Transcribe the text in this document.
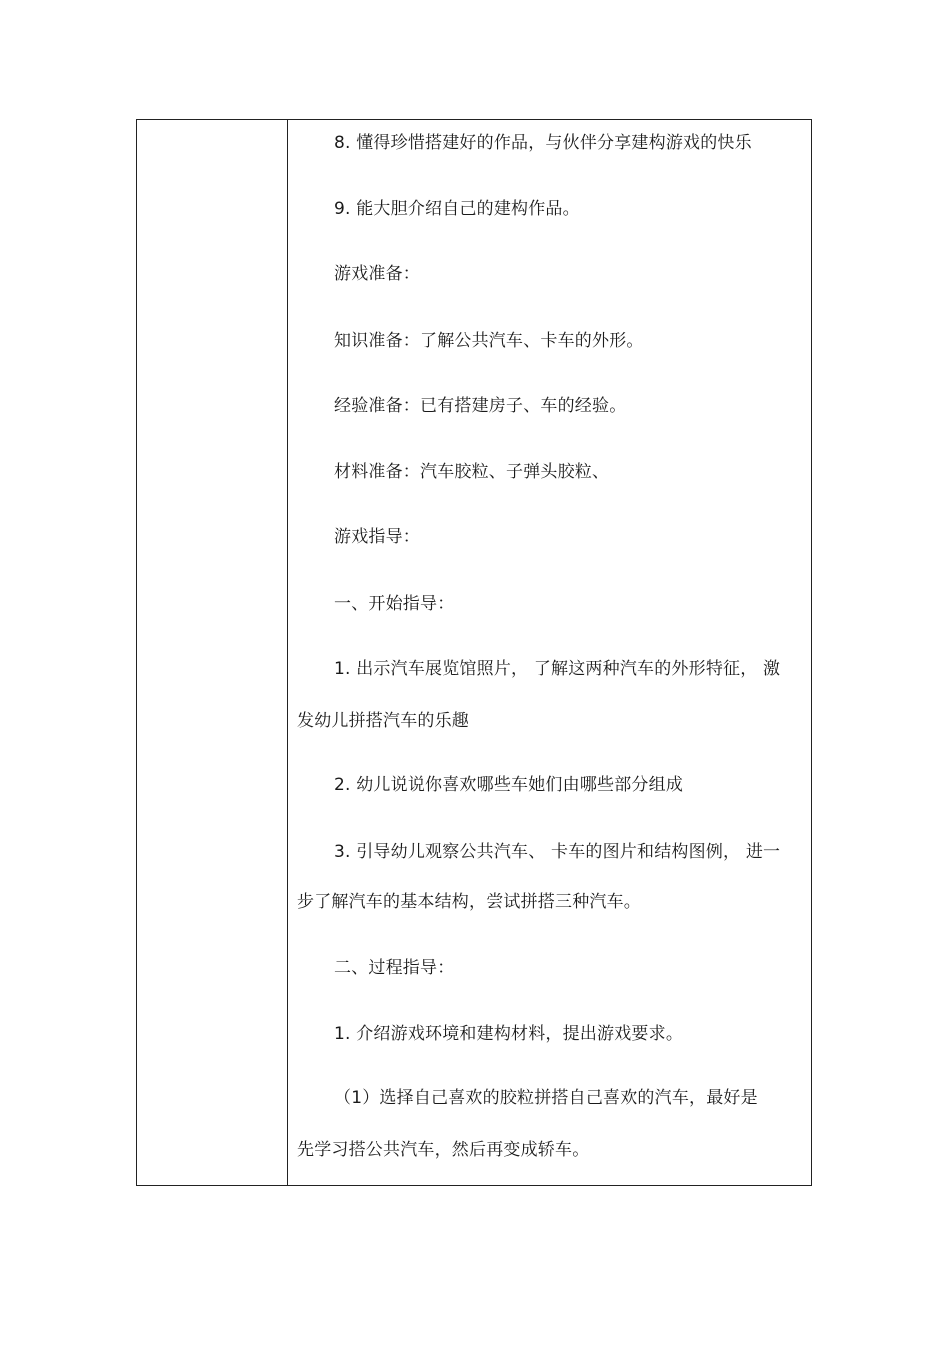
8. 懂得珍惜搭建好的作品，与伙伴分享建构游戏的快乐
9. 能大胆介绍自己的建构作品。
游戏准备：
知识准备：了解公共汽车、卡车的外形。
经验准备：已有搭建房子、车的经验。
材料准备：汽车胶粒、子弹头胶粒、
游戏指导：
一、开始指导：
1. 出示汽车展览馆照片， 了解这两种汽车的外形特征， 激
发幼儿拼搭汽车的乐趣
2. 幼儿说说你喜欢哪些车她们由哪些部分组成
3. 引导幼儿观察公共汽车、 卡车的图片和结构图例， 进一
步了解汽车的基本结构，尝试拼搭三种汽车。
二、过程指导：
1. 介绍游戏环境和建构材料，提出游戏要求。
（1）选择自己喜欢的胶粒拼搭自己喜欢的汽车，最好是
先学习搭公共汽车，然后再变成轿车。
